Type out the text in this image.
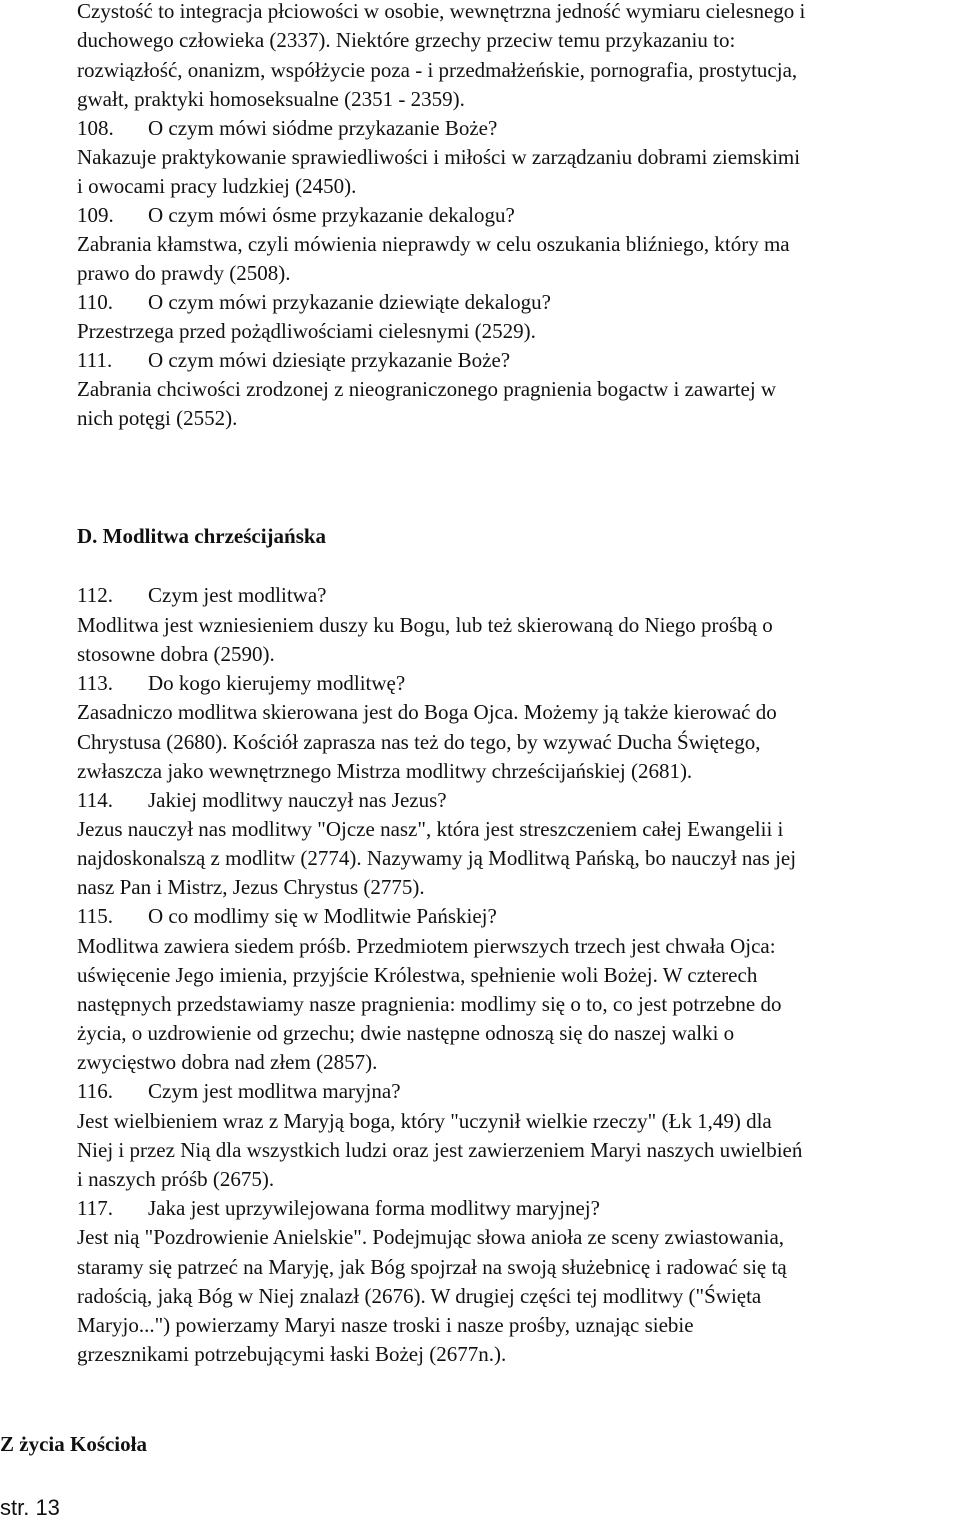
Czystość to integracja płciowości w osobie, wewnętrzna jedność wymiaru cielesnego i
duchowego człowieka (2337). Niektóre grzechy przeciw temu przykazaniu to:
rozwiązłość, onanizm, współżycie poza - i przedmałżeńskie, pornografia, prostytucja,
gwałt, praktyki homoseksualne (2351 - 2359).
108. O czym mówi siódme przykazanie Boże?
Nakazuje praktykowanie sprawiedliwości i miłości w zarządzaniu dobrami ziemskimi
i owocami pracy ludzkiej (2450).
109. O czym mówi ósme przykazanie dekalogu?
Zabrania kłamstwa, czyli mówienia nieprawdy w celu oszukania bliźniego, który ma
prawo do prawdy (2508).
110. O czym mówi przykazanie dziewiąte dekalogu?
Przestrzega przed pożądliwościami cielesnymi (2529).
111. O czym mówi dziesiąte przykazanie Boże?
Zabrania chciwości zrodzonej z nieograniczonego pragnienia bogactw i zawartej w
nich potęgi (2552).
D. Modlitwa chrześcijańska
112. Czym jest modlitwa?
Modlitwa jest wzniesieniem duszy ku Bogu, lub też skierowaną do Niego prośbą o
stosowne dobra (2590).
113. Do kogo kierujemy modlitwę?
Zasadniczo modlitwa skierowana jest do Boga Ojca. Możemy ją także kierować do
Chrystusa (2680). Kościół zaprasza nas też do tego, by wzywać Ducha Świętego,
zwłaszcza jako wewnętrznego Mistrza modlitwy chrześcijańskiej (2681).
114. Jakiej modlitwy nauczył nas Jezus?
Jezus nauczył nas modlitwy "Ojcze nasz", która jest streszczeniem całej Ewangelii i
najdoskonalszą z modlitw (2774). Nazywamy ją Modlitwą Pańską, bo nauczył nas jej
nasz Pan i Mistrz, Jezus Chrystus (2775).
115. O co modlimy się w Modlitwie Pańskiej?
Modlitwa zawiera siedem próśb. Przedmiotem pierwszych trzech jest chwała Ojca:
uświęcenie Jego imienia, przyjście Królestwa, spełnienie woli Bożej. W czterech
następnych przedstawiamy nasze pragnienia: modlimy się o to, co jest potrzebne do
życia, o uzdrowienie od grzechu; dwie następne odnoszą się do naszej walki o
zwycięstwo dobra nad złem (2857).
116. Czym jest modlitwa maryjna?
Jest wielbieniem wraz z Maryją boga, który "uczynił wielkie rzeczy" (Łk 1,49) dla
Niej i przez Nią dla wszystkich ludzi oraz jest zawierzeniem Maryi naszych uwielbień
i naszych próśb (2675).
117. Jaka jest uprzywilejowana forma modlitwy maryjnej?
Jest nią "Pozdrowienie Anielskie". Podejmując słowa anioła ze sceny zwiastowania,
staramy się patrzeć na Maryję, jak Bóg spojrzał na swoją służebnicę i radować się tą
radością, jaką Bóg w Niej znalazł (2676). W drugiej części tej modlitwy ("Święta
Maryjo...") powierzamy Maryi nasze troski i nasze prośby, uznając siebie
grzesznikami potrzebującymi łaski Bożej (2677n.).
Z życia Kościoła
str. 13
